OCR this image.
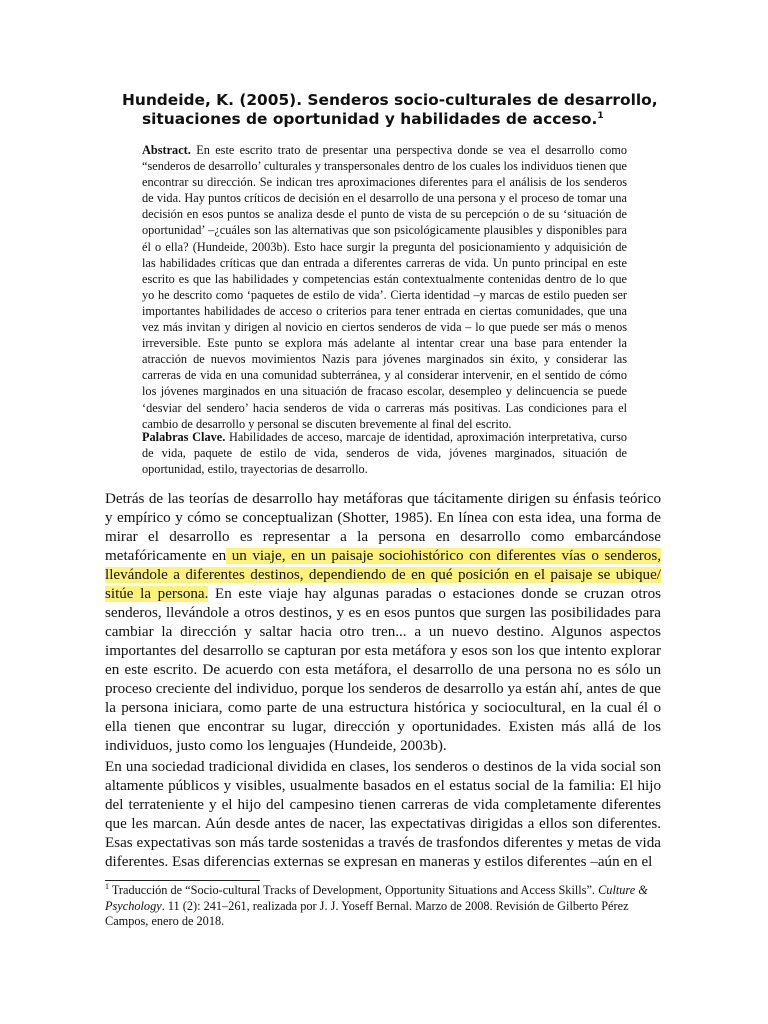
Hundeide, K. (2005). Senderos socio-culturales de desarrollo,
situaciones de oportunidad y habilidades de acceso.$^1$

Abstract. En este escrito trato de presentar una perspectiva donde se vea el desarrollo como “senderos de desarrollo’ culturales y transpersonales dentro de los cuales los individuos tienen que encontrar su dirección. Se indican tres aproximaciones diferentes para el análisis de los senderos de vida. Hay puntos críticos de decisión en el desarrollo de una persona y el proceso de tomar una decisión en esos puntos se analiza desde el punto de vista de su percepción o de su ‘situación de oportunidad’ –¿cuáles son las alternativas que son psicológicamente plausibles y disponibles para él o ella? (Hundeide, 2003b). Esto hace surgir la pregunta del posicionamiento y adquisición de las habilidades críticas que dan entrada a diferentes carreras de vida. Un punto principal en este escrito es que las habilidades y competencias están contextualmente contenidas dentro de lo que yo he descrito como ‘paquetes de estilo de vida’. Cierta identidad –y marcas de estilo pueden ser importantes habilidades de acceso o criterios para tener entrada en ciertas comunidades, que una vez más invitan y dirigen al novicio en ciertos senderos de vida – lo que puede ser más o menos irreversible. Este punto se explora más adelante al intentar crear una base para entender la atracción de nuevos movimientos Nazis para jóvenes marginados sin éxito, y considerar las carreras de vida en una comunidad subterránea, y al considerar intervenir, en el sentido de cómo los jóvenes marginados en una situación de fracaso escolar, desempleo y delincuencia se puede ‘desviar del sendero’ hacia senderos de vida o carreras más positivas. Las condiciones para el cambio de desarrollo y personal se discuten brevemente al final del escrito.

Palabras Clave. Habilidades de acceso, marcaje de identidad, aproximación interpretativa, curso de vida, paquete de estilo de vida, senderos de vida, jóvenes marginados, situación de oportunidad, estilo, trayectorias de desarrollo.

Detrás de las teorías de desarrollo hay metáforas que tácitamente dirigen su énfasis teórico y empírico y cómo se conceptualizan (Shotter, 1985). En línea con esta idea, una forma de mirar el desarrollo es representar a la persona en desarrollo como embarcándose metafóricamente en un viaje, en un paisaje sociohistórico con diferentes vías o senderos, llevándole a diferentes destinos, dependiendo de en qué posición en el paisaje se ubique/ sitúe la persona. En este viaje hay algunas paradas o estaciones donde se cruzan otros senderos, llevándole a otros destinos, y es en esos puntos que surgen las posibilidades para cambiar la dirección y saltar hacia otro tren... a un nuevo destino. Algunos aspectos importantes del desarrollo se capturan por esta metáfora y esos son los que intento explorar en este escrito. De acuerdo con esta metáfora, el desarrollo de una persona no es sólo un proceso creciente del individuo, porque los senderos de desarrollo ya están ahí, antes de que la persona iniciara, como parte de una estructura histórica y sociocultural, en la cual él o ella tienen que encontrar su lugar, dirección y oportunidades. Existen más allá de los individuos, justo como los lenguajes (Hundeide, 2003b).

En una sociedad tradicional dividida en clases, los senderos o destinos de la vida social son altamente públicos y visibles, usualmente basados en el estatus social de la familia: El hijo del terrateniente y el hijo del campesino tienen carreras de vida completamente diferentes que les marcan. Aún desde antes de nacer, las expectativas dirigidas a ellos son diferentes. Esas expectativas son más tarde sostenidas a través de trasfondos diferentes y metas de vida diferentes. Esas diferencias externas se expresan en maneras y estilos diferentes –aún en el

$^1$ Traducción de “Socio-cultural Tracks of Development, Opportunity Situations and Access Skills”. Culture & Psychology. 11 (2): 241–261, realizada por J. J. Yoseff Bernal. Marzo de 2008. Revisión de Gilberto Pérez Campos, enero de 2018.
